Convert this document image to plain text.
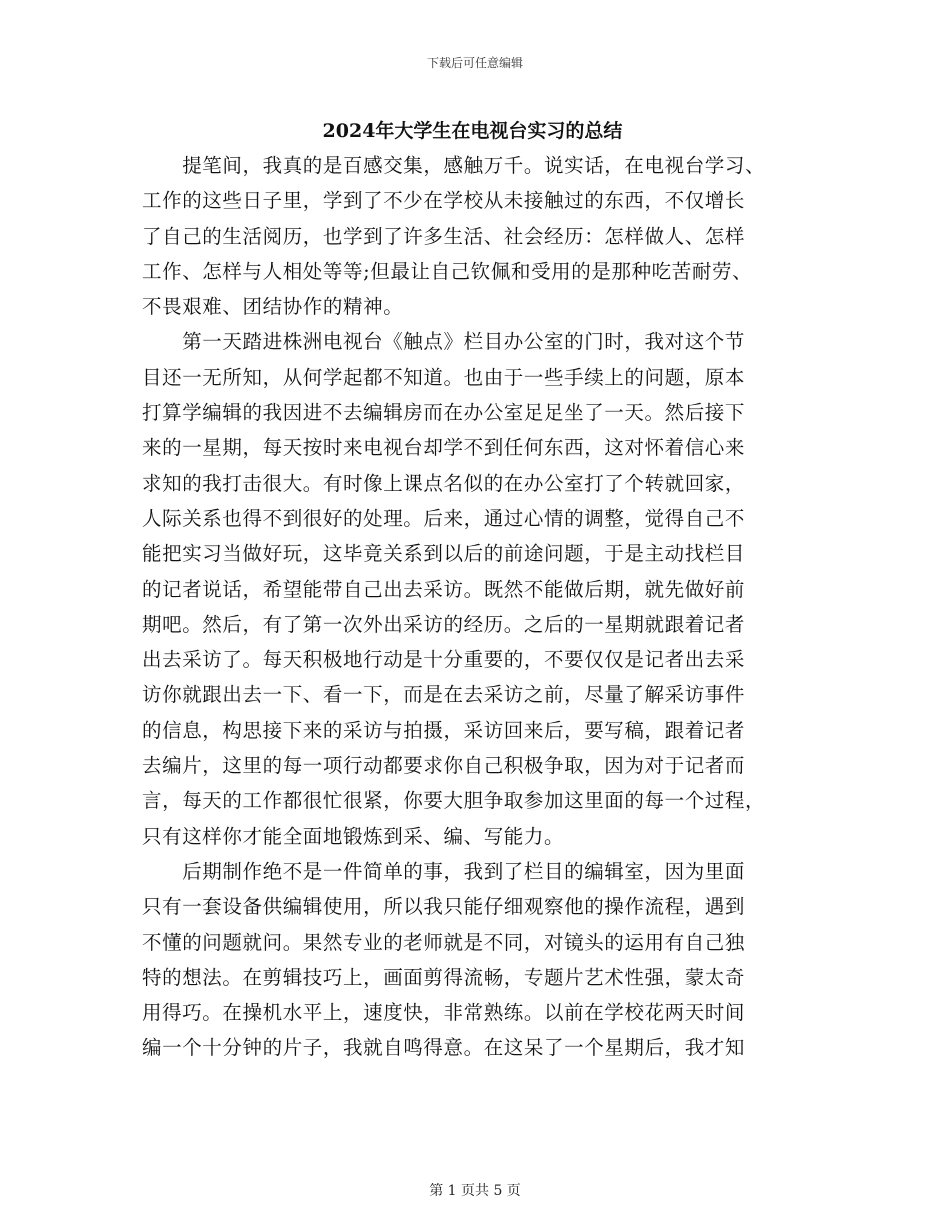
下载后可任意编辑
2024年大学生在电视台实习的总结
　　提笔间，我真的是百感交集，感触万千。说实话，在电视台学习、
工作的这些日子里，学到了不少在学校从未接触过的东西，不仅增长
了自己的生活阅历，也学到了许多生活、社会经历：怎样做人、怎样
工作、怎样与人相处等等;但最让自己钦佩和受用的是那种吃苦耐劳、
不畏艰难、团结协作的精神。
　　第一天踏进株洲电视台《触点》栏目办公室的门时，我对这个节
目还一无所知，从何学起都不知道。也由于一些手续上的问题，原本
打算学编辑的我因进不去编辑房而在办公室足足坐了一天。然后接下
来的一星期，每天按时来电视台却学不到任何东西，这对怀着信心来
求知的我打击很大。有时像上课点名似的在办公室打了个转就回家，
人际关系也得不到很好的处理。后来，通过心情的调整，觉得自己不
能把实习当做好玩，这毕竟关系到以后的前途问题，于是主动找栏目
的记者说话，希望能带自己出去采访。既然不能做后期，就先做好前
期吧。然后，有了第一次外出采访的经历。之后的一星期就跟着记者
出去采访了。每天积极地行动是十分重要的，不要仅仅是记者出去采
访你就跟出去一下、看一下，而是在去采访之前，尽量了解采访事件
的信息，构思接下来的采访与拍摄，采访回来后，要写稿，跟着记者
去编片，这里的每一项行动都要求你自己积极争取，因为对于记者而
言，每天的工作都很忙很紧，你要大胆争取参加这里面的每一个过程，
只有这样你才能全面地锻炼到采、编、写能力。
　　后期制作绝不是一件简单的事，我到了栏目的编辑室，因为里面
只有一套设备供编辑使用，所以我只能仔细观察他的操作流程，遇到
不懂的问题就问。果然专业的老师就是不同，对镜头的运用有自己独
特的想法。在剪辑技巧上，画面剪得流畅，专题片艺术性强，蒙太奇
用得巧。在操机水平上，速度快，非常熟练。以前在学校花两天时间
编一个十分钟的片子，我就自鸣得意。在这呆了一个星期后，我才知
第 1 页共 5 页
